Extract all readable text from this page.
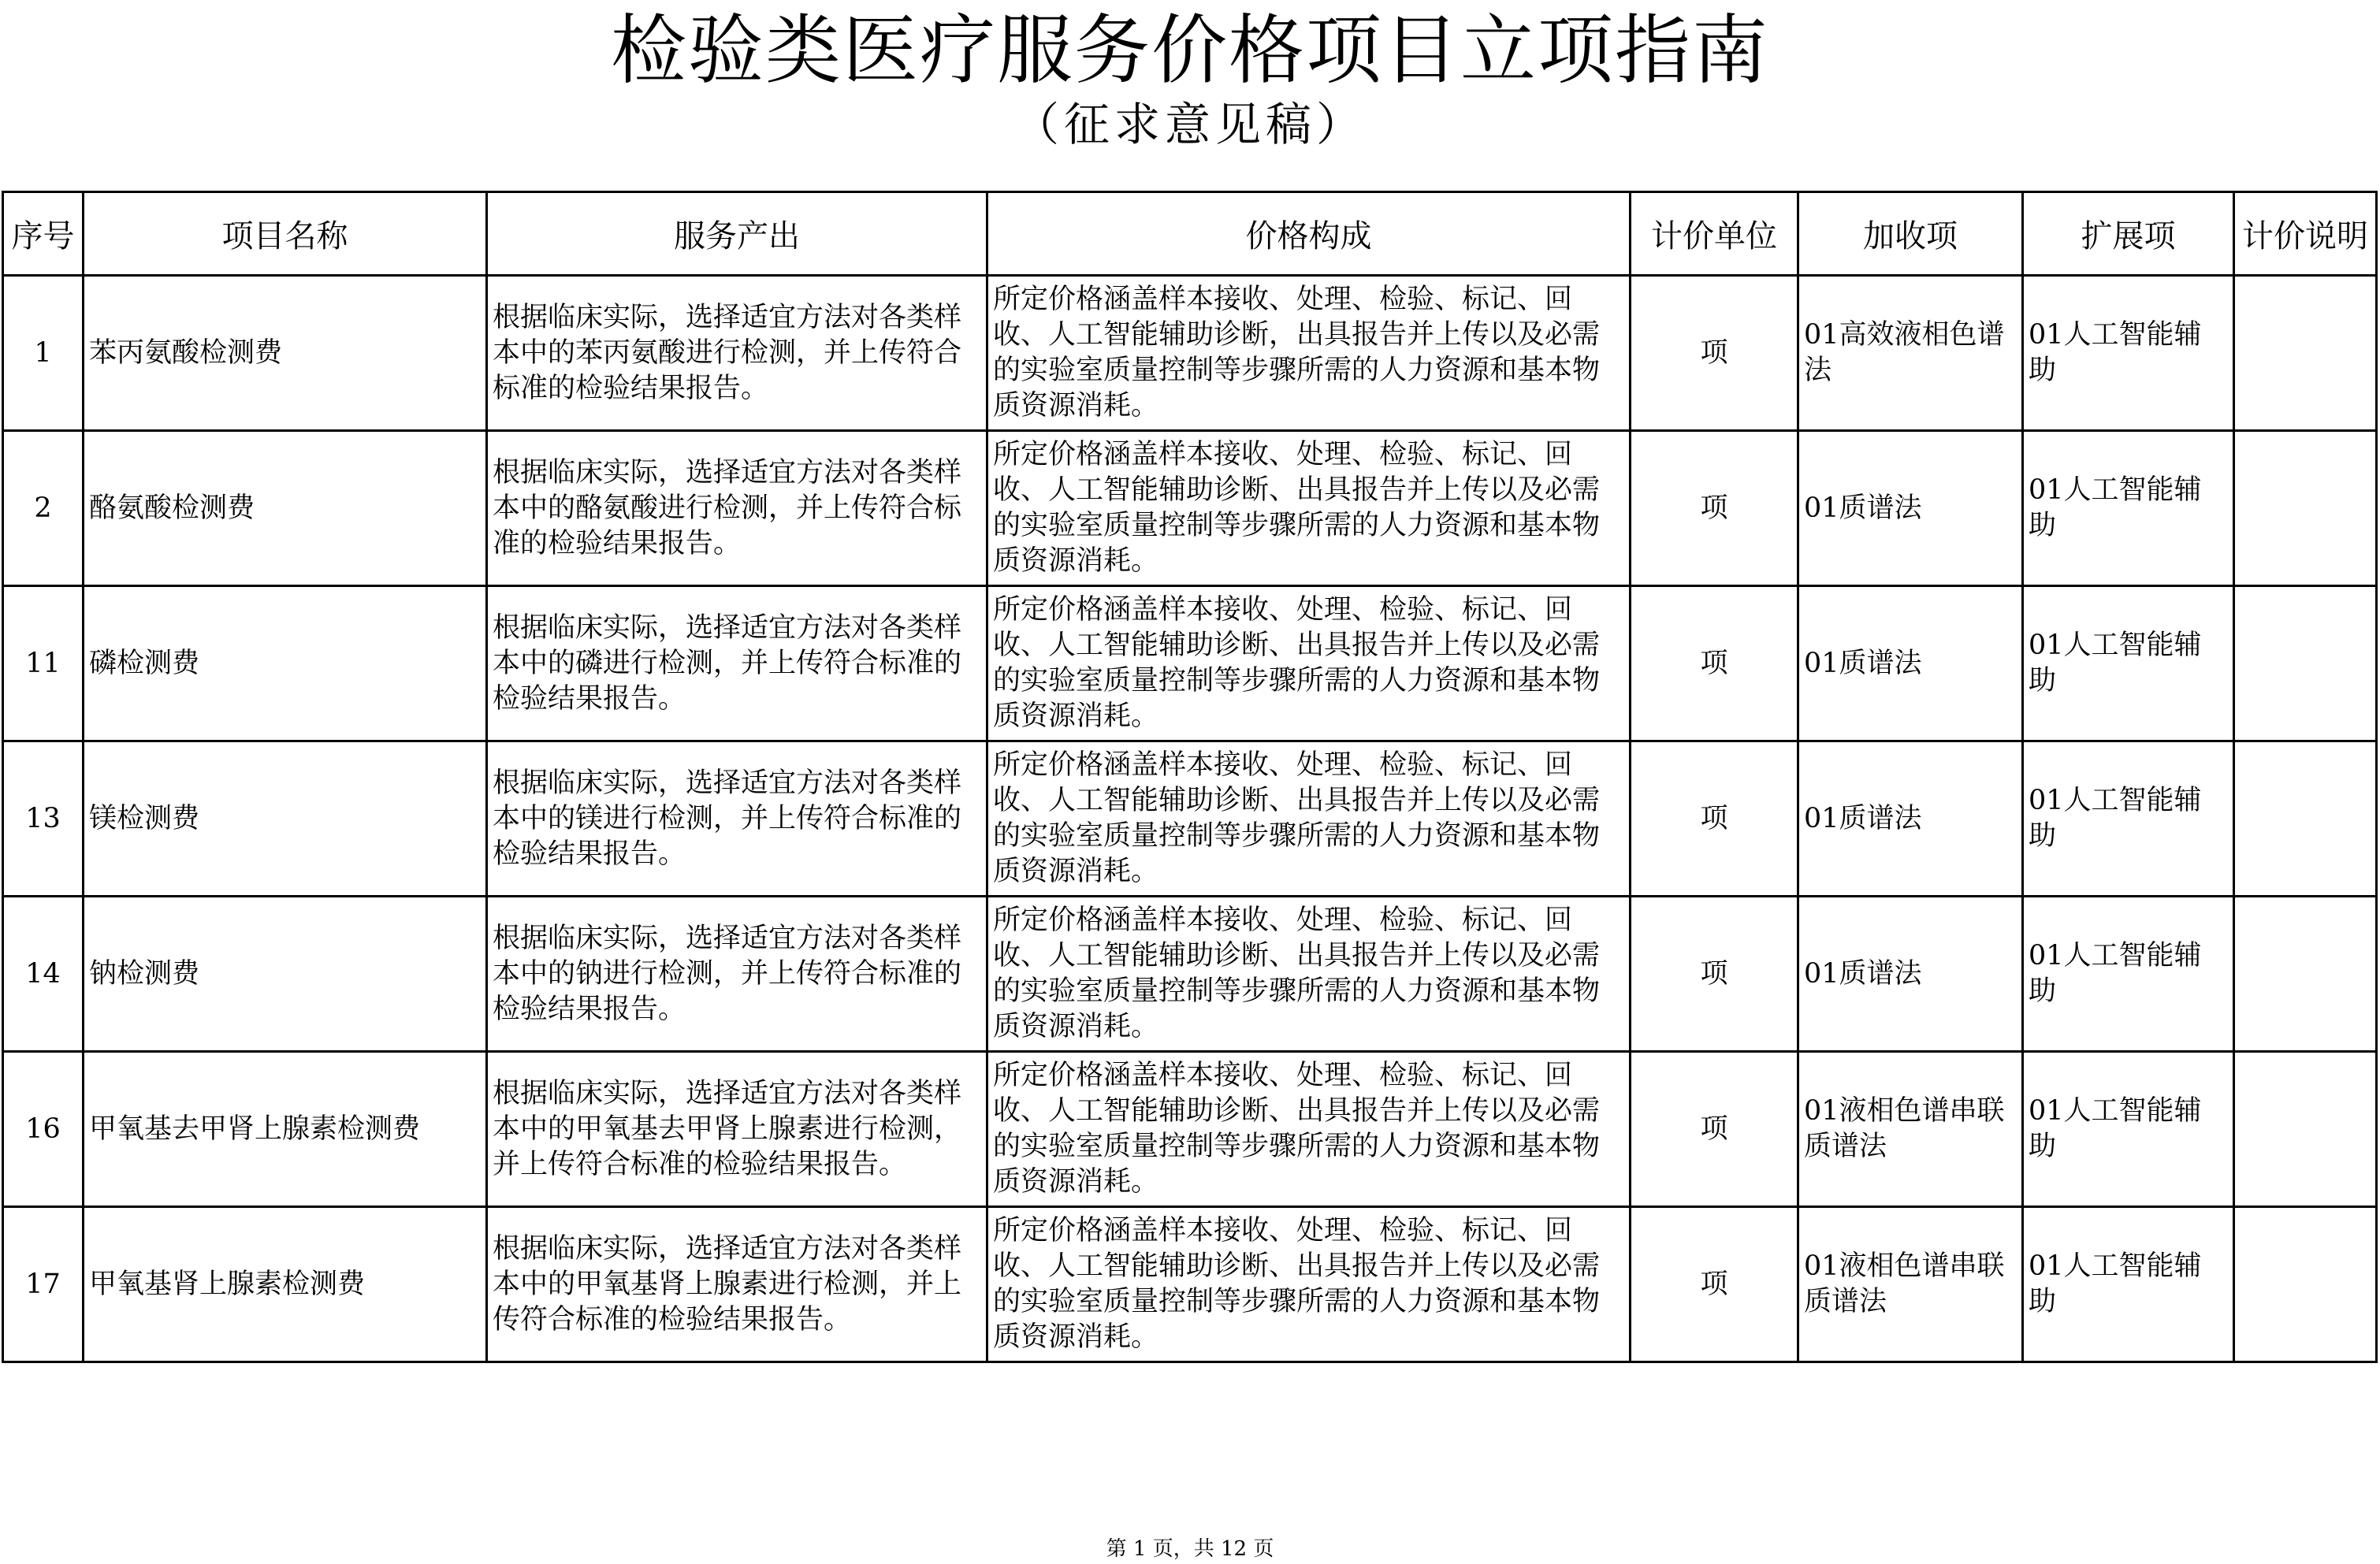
检验类医疗服务价格项目立项指南
（征求意见稿）
序号	项目名称	服务产出	价格构成	计价单位	加收项	扩展项	计价说明
1	苯丙氨酸检测费	根据临床实际，选择适宜方法对各类样本中的苯丙氨酸进行检测，并上传符合标准的检验结果报告。	所定价格涵盖样本接收、处理、检验、标记、回收、人工智能辅助诊断，出具报告并上传以及必需的实验室质量控制等步骤所需的人力资源和基本物质资源消耗。	项	01高效液相色谱法	01人工智能辅助	
2	酪氨酸检测费	根据临床实际，选择适宜方法对各类样本中的酪氨酸进行检测，并上传符合标准的检验结果报告。	所定价格涵盖样本接收、处理、检验、标记、回收、人工智能辅助诊断、出具报告并上传以及必需的实验室质量控制等步骤所需的人力资源和基本物质资源消耗。	项	01质谱法	01人工智能辅助	
11	磷检测费	根据临床实际，选择适宜方法对各类样本中的磷进行检测，并上传符合标准的检验结果报告。	所定价格涵盖样本接收、处理、检验、标记、回收、人工智能辅助诊断、出具报告并上传以及必需的实验室质量控制等步骤所需的人力资源和基本物质资源消耗。	项	01质谱法	01人工智能辅助	
13	镁检测费	根据临床实际，选择适宜方法对各类样本中的镁进行检测，并上传符合标准的检验结果报告。	所定价格涵盖样本接收、处理、检验、标记、回收、人工智能辅助诊断、出具报告并上传以及必需的实验室质量控制等步骤所需的人力资源和基本物质资源消耗。	项	01质谱法	01人工智能辅助	
14	钠检测费	根据临床实际，选择适宜方法对各类样本中的钠进行检测，并上传符合标准的检验结果报告。	所定价格涵盖样本接收、处理、检验、标记、回收、人工智能辅助诊断、出具报告并上传以及必需的实验室质量控制等步骤所需的人力资源和基本物质资源消耗。	项	01质谱法	01人工智能辅助	
16	甲氧基去甲肾上腺素检测费	根据临床实际，选择适宜方法对各类样本中的甲氧基去甲肾上腺素进行检测，并上传符合标准的检验结果报告。	所定价格涵盖样本接收、处理、检验、标记、回收、人工智能辅助诊断、出具报告并上传以及必需的实验室质量控制等步骤所需的人力资源和基本物质资源消耗。	项	01液相色谱串联质谱法	01人工智能辅助	
17	甲氧基肾上腺素检测费	根据临床实际，选择适宜方法对各类样本中的甲氧基肾上腺素进行检测，并上传符合标准的检验结果报告。	所定价格涵盖样本接收、处理、检验、标记、回收、人工智能辅助诊断、出具报告并上传以及必需的实验室质量控制等步骤所需的人力资源和基本物质资源消耗。	项	01液相色谱串联质谱法	01人工智能辅助	
第 1 页，共 12 页
